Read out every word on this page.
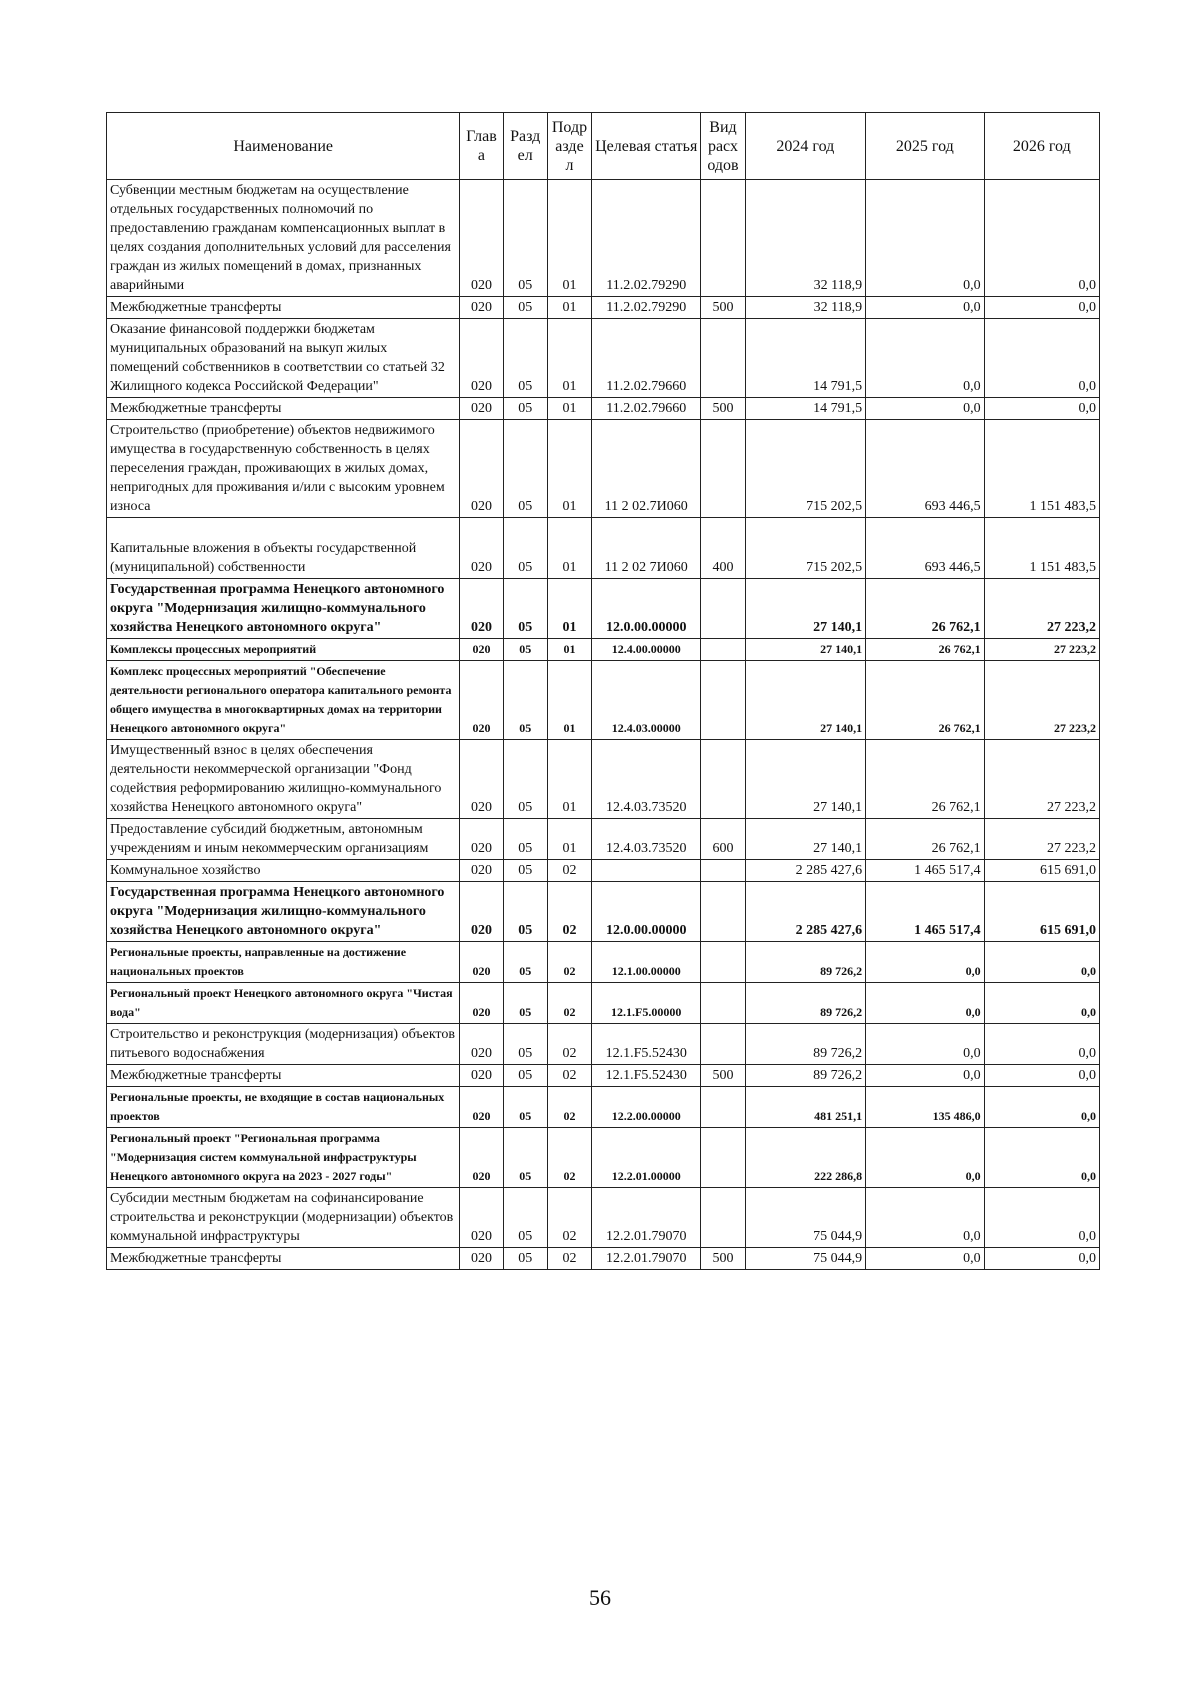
Наименование	Глав а	Разд ел	Подр азде л	Целевая статья	Вид расх одов	2024 год	2025 год	2026 год
Субвенции местным бюджетам на осуществление отдельных государственных полномочий по предоставлению гражданам компенсационных выплат в целях создания дополнительных условий для расселения граждан из жилых помещений в домах, признанных аварийными	020	05	01	11.2.02.79290		32 118,9	0,0	0,0
Межбюджетные трансферты	020	05	01	11.2.02.79290	500	32 118,9	0,0	0,0
Оказание финансовой поддержки бюджетам муниципальных образований на выкуп жилых помещений собственников в соответствии со статьей 32 Жилищного кодекса Российской Федерации"	020	05	01	11.2.02.79660		14 791,5	0,0	0,0
Межбюджетные трансферты	020	05	01	11.2.02.79660	500	14 791,5	0,0	0,0
Строительство (приобретение) объектов недвижимого имущества в государственную собственность в целях переселения граждан, проживающих в жилых домах, непригодных для проживания и/или с высоким уровнем износа	020	05	01	11 2 02.7И060		715 202,5	693 446,5	1 151 483,5
Капитальные вложения в объекты государственной (муниципальной) собственности	020	05	01	11 2 02 7И060	400	715 202,5	693 446,5	1 151 483,5
Государственная программа Ненецкого автономного округа "Модернизация жилищно-коммунального хозяйства Ненецкого автономного округа"	020	05	01	12.0.00.00000		27 140,1	26 762,1	27 223,2
Комплексы процессных мероприятий	020	05	01	12.4.00.00000		27 140,1	26 762,1	27 223,2
Комплекс процессных мероприятий "Обеспечение деятельности регионального оператора капитального ремонта общего имущества в многоквартирных домах на территории Ненецкого автономного округа"	020	05	01	12.4.03.00000		27 140,1	26 762,1	27 223,2
Имущественный взнос в целях обеспечения деятельности некоммерческой организации "Фонд содействия реформированию жилищно-коммунального хозяйства Ненецкого автономного округа"	020	05	01	12.4.03.73520		27 140,1	26 762,1	27 223,2
Предоставление субсидий бюджетным, автономным учреждениям и иным некоммерческим организациям	020	05	01	12.4.03.73520	600	27 140,1	26 762,1	27 223,2
Коммунальное хозяйство	020	05	02			2 285 427,6	1 465 517,4	615 691,0
Государственная программа Ненецкого автономного округа "Модернизация жилищно-коммунального хозяйства Ненецкого автономного округа"	020	05	02	12.0.00.00000		2 285 427,6	1 465 517,4	615 691,0
Региональные проекты, направленные на достижение национальных проектов	020	05	02	12.1.00.00000		89 726,2	0,0	0,0
Региональный проект Ненецкого автономного округа "Чистая вода"	020	05	02	12.1.F5.00000		89 726,2	0,0	0,0
Строительство и реконструкция (модернизация) объектов питьевого водоснабжения	020	05	02	12.1.F5.52430		89 726,2	0,0	0,0
Межбюджетные трансферты	020	05	02	12.1.F5.52430	500	89 726,2	0,0	0,0
Региональные проекты, не входящие в состав национальных проектов	020	05	02	12.2.00.00000		481 251,1	135 486,0	0,0
Региональный проект "Региональная программа "Модернизация систем коммунальной инфраструктуры Ненецкого автономного округа на 2023 - 2027 годы"	020	05	02	12.2.01.00000		222 286,8	0,0	0,0
Субсидии местным бюджетам на софинансирование строительства и реконструкции (модернизации) объектов коммунальной инфраструктуры	020	05	02	12.2.01.79070		75 044,9	0,0	0,0
Межбюджетные трансферты	020	05	02	12.2.01.79070	500	75 044,9	0,0	0,0
56
